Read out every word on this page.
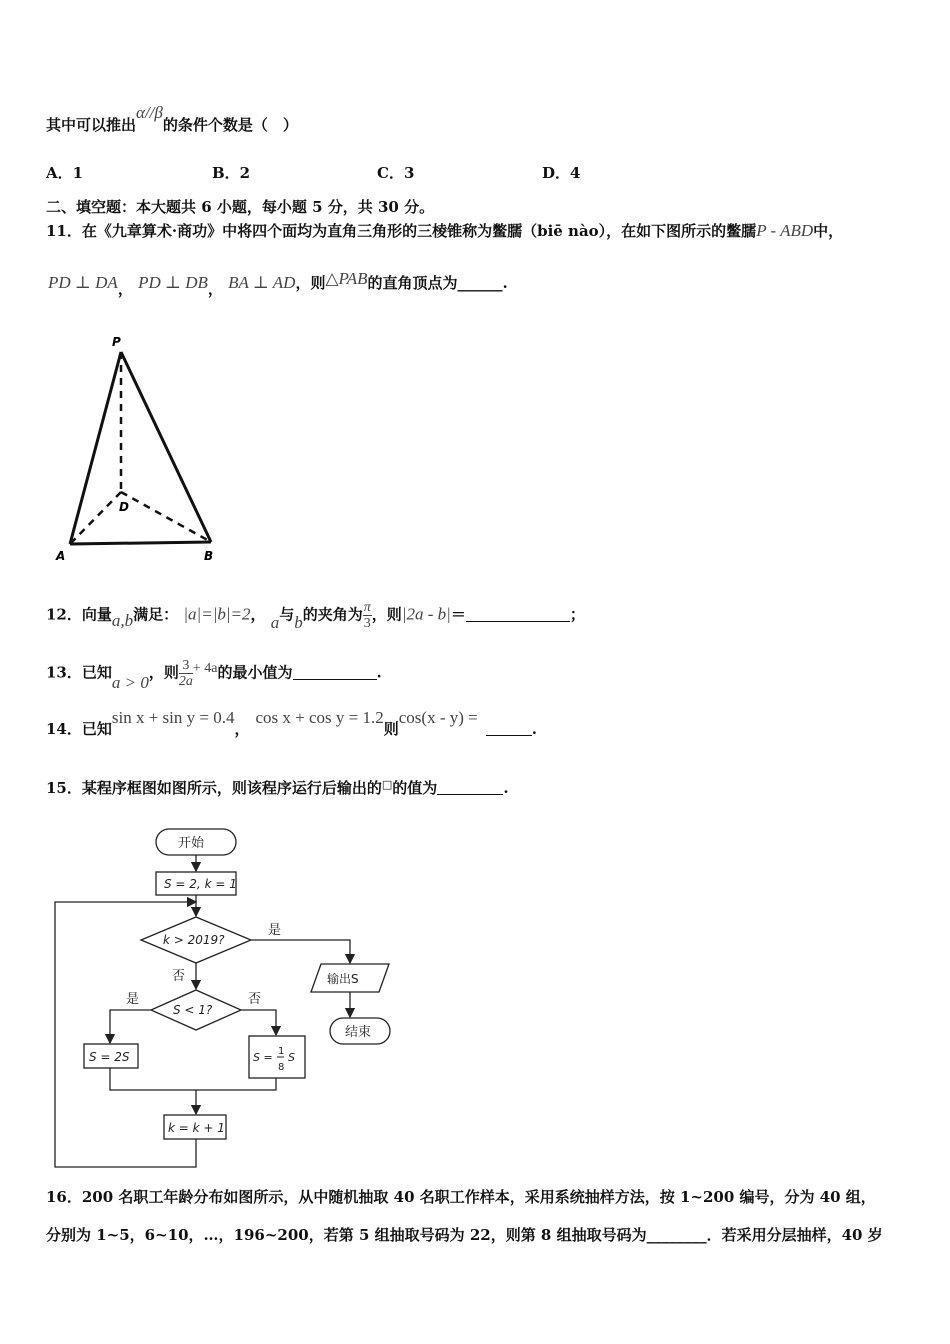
其中可以推出α//β的条件个数是（　）
A．1	B．2	C．3	D．4
二、填空题：本大题共 6 小题，每小题 5 分，共 30 分。
11．在《九章算术·商功》中将四个面均为直角三角形的三棱锥称为鳖臑（biē nào），在如下图所示的鳖臑P - ABD中，
PD ⊥ DA， PD ⊥ DB， BA ⊥ AD，则△PAB的直角顶点为______.
P
D
A	B
12．向量a,b满足： |a|=|b|=2， a与b的夹角为 $\frac{\pi}{3}$ ，则|2a - b|＝	；
13．已知a > 0，则 $\frac{3}{2a} + 4a$的最小值为	.
14．已知sin x + sin y = 0.4，cos x + cos y = 1.2则cos(x - y) =.
15．某程序框图如图所示，则该程序运行后输出的□的值为	.
开始
S = 2, k = 1
k > 2019?
是
否	输出S
结束
S < 1?
是	否
S = 2S	S = 1
8
S
k = k + 1
16．200 名职工年龄分布如图所示，从中随机抽取 40 名职工作样本，采用系统抽样方法，按 1~200 编号，分为 40 组，
分别为 1~5，6~10，…，196~200，若第 5 组抽取号码为 22，则第 8 组抽取号码为________．若采用分层抽样，40 岁
